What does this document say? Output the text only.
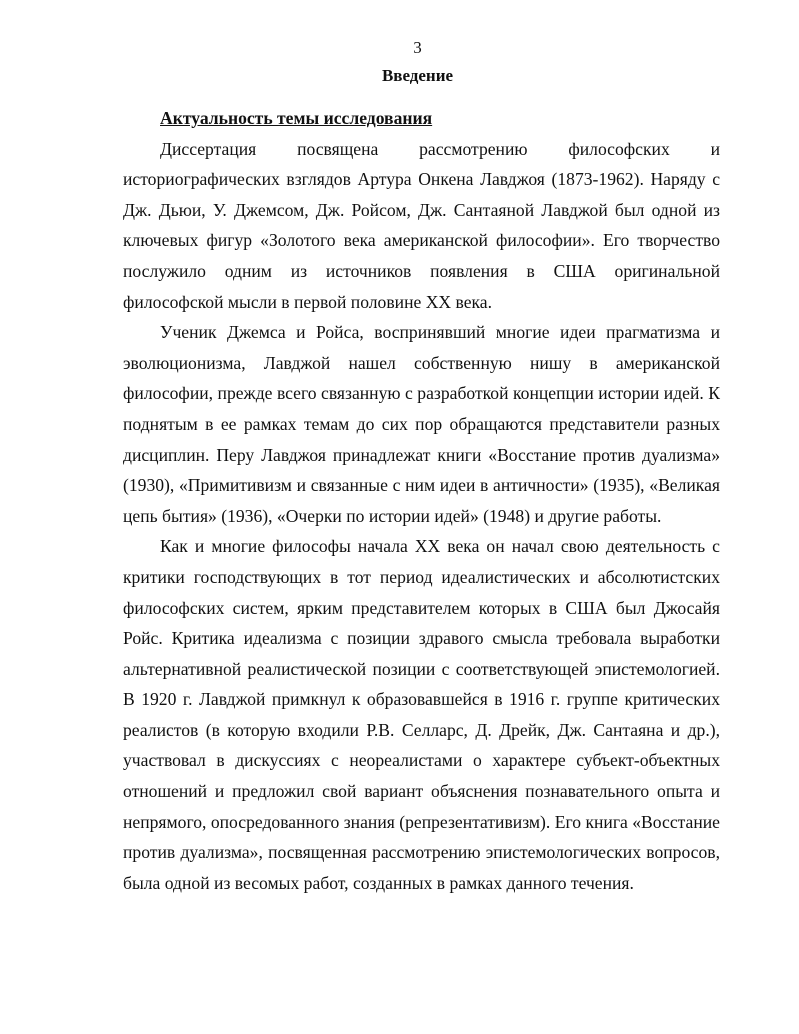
3
Введение

Актуальность темы исследования

Диссертация посвящена рассмотрению философских и историографических взглядов Артура Онкена Лавджоя (1873-1962). Наряду с Дж. Дьюи, У. Джемсом, Дж. Ройсом, Дж. Сантаяной Лавджой был одной из ключевых фигур «Золотого века американской философии». Его творчество послужило одним из источников появления в США оригинальной философской мысли в первой половине XX века.

Ученик Джемса и Ройса, воспринявший многие идеи прагматизма и эволюционизма, Лавджой нашел собственную нишу в американской философии, прежде всего связанную с разработкой концепции истории идей. К поднятым в ее рамках темам до сих пор обращаются представители разных дисциплин. Перу Лавджоя принадлежат книги «Восстание против дуализма» (1930), «Примитивизм и связанные с ним идеи в античности» (1935), «Великая цепь бытия» (1936), «Очерки по истории идей» (1948) и другие работы.

Как и многие философы начала XX века он начал свою деятельность с критики господствующих в тот период идеалистических и абсолютистских философских систем, ярким представителем которых в США был Джосайя Ройс. Критика идеализма с позиции здравого смысла требовала выработки альтернативной реалистической позиции с соответствующей эпистемологией. В 1920 г. Лавджой примкнул к образовавшейся в 1916 г. группе критических реалистов (в которую входили Р.В. Селларс, Д. Дрейк, Дж. Сантаяна и др.), участвовал в дискуссиях с неореалистами о характере субъект-объектных отношений и предложил свой вариант объяснения познавательного опыта и непрямого, опосредованного знания (репрезентативизм). Его книга «Восстание против дуализма», посвященная рассмотрению эпистемологических вопросов, была одной из весомых работ, созданных в рамках данного течения.
